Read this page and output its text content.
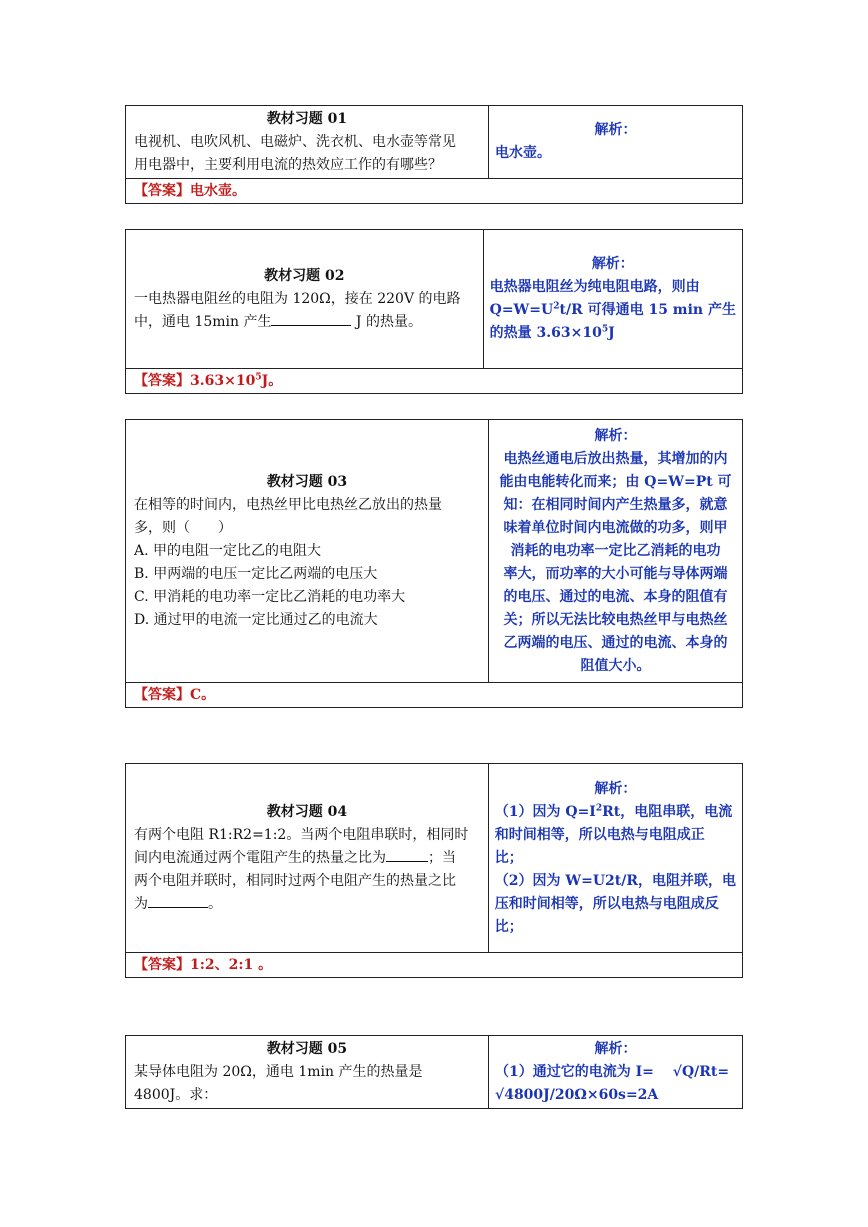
教材习题 01
电视机、电吹风机、电磁炉、洗衣机、电水壶等常见
用电器中，主要利用电流的热效应工作的有哪些？
解析：
电水壶。
【答案】电水壶。
教材习题 02
一电热器电阻丝的电阻为 120Ω，接在 220V 的电路
中，通电 15min 产生	J 的热量。
解析：
电热器电阻丝为纯电阻电路，则由
$Q=W=U^2t/R$ 可得通电 15 min 产生
的热量 $3.63\times 10^5J$
【答案】$3.63\times 10^5J$。
教材习题 03
在相等的时间内，电热丝甲比电热丝乙放出的热量
多，则（　　）
A. 甲的电阻一定比乙的电阻大
B. 甲两端的电压一定比乙两端的电压大
C. 甲消耗的电功率一定比乙消耗的电功率大
D. 通过甲的电流一定比通过乙的电流大
解析：
电热丝通电后放出热量，其增加的内
能由电能转化而来；由 Q=W=Pt 可
知：在相同时间内产生热量多，就意
味着单位时间内电流做的功多，则甲
消耗的电功率一定比乙消耗的电功
率大，而功率的大小可能与导体两端
的电压、通过的电流、本身的阻值有
关；所以无法比较电热丝甲与电热丝
乙两端的电压、通过的电流、本身的
阻值大小。
【答案】C。
教材习题 04
有两个电阻 R1:R2=1:2。当两个电阻串联时，相同时
间内电流通过两个電阻产生的热量之比为	；当
两个电阻并联时，相同时过两个电阻产生的热量之比
为	。
解析：
（1）因为 $Q=I^2Rt$，电阻串联，电流
和时间相等，所以电热与电阻成正
比；
（2）因为 W=U2t/R，电阻并联，电
压和时间相等，所以电热与电阻成反
比；
【答案】1:2、2:1 。
教材习题 05
某导体电阻为 20Ω，通电 1min 产生的热量是
4800J。求：
解析：
（1）通过它的电流为 I=　 √Q/Rt=
√4800J/20Ω×60s=2A
